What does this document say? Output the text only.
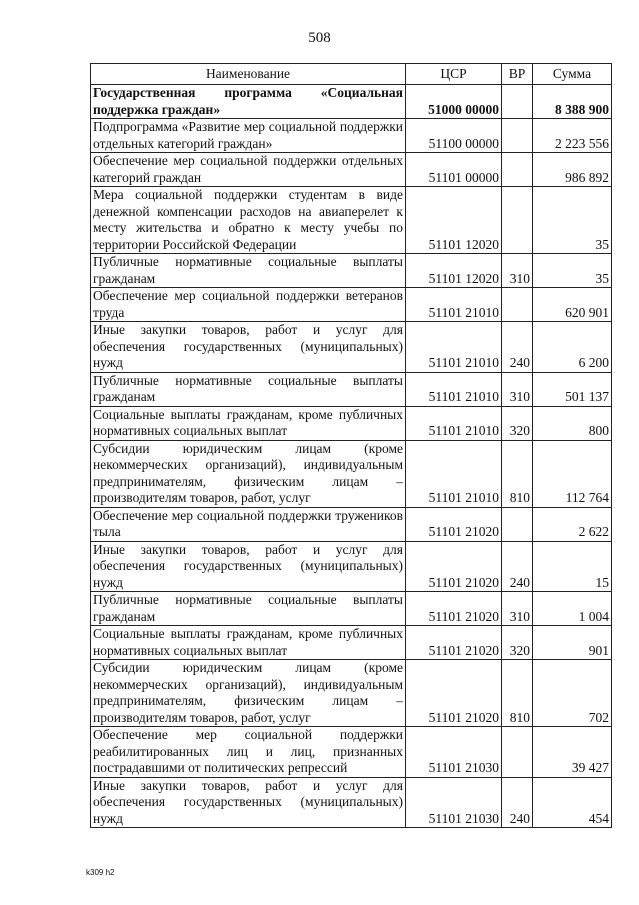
508
Наименование	ЦСР	ВР	Сумма
Государственная программа «Социальная поддержка граждан»	51000 00000		8 388 900
Подпрограмма «Развитие мер социальной поддержки отдельных категорий граждан»	51100 00000		2 223 556
Обеспечение мер социальной поддержки отдельных категорий граждан	51101 00000		986 892
Мера социальной поддержки студентам в виде денежной компенсации расходов на авиаперелет к месту жительства и обратно к месту учебы по территории Российской Федерации	51101 12020		35
Публичные нормативные социальные выплаты гражданам	51101 12020	310	35
Обеспечение мер социальной поддержки ветеранов труда	51101 21010		620 901
Иные закупки товаров, работ и услуг для обеспечения государственных (муниципальных) нужд	51101 21010	240	6 200
Публичные нормативные социальные выплаты гражданам	51101 21010	310	501 137
Социальные выплаты гражданам, кроме публичных нормативных социальных выплат	51101 21010	320	800
Субсидии юридическим лицам (кроме некоммерческих организаций), индивидуальным предпринимателям, физическим лицам – производителям товаров, работ, услуг	51101 21010	810	112 764
Обеспечение мер социальной поддержки тружеников тыла	51101 21020		2 622
Иные закупки товаров, работ и услуг для обеспечения государственных (муниципальных) нужд	51101 21020	240	15
Публичные нормативные социальные выплаты гражданам	51101 21020	310	1 004
Социальные выплаты гражданам, кроме публичных нормативных социальных выплат	51101 21020	320	901
Субсидии юридическим лицам (кроме некоммерческих организаций), индивидуальным предпринимателям, физическим лицам – производителям товаров, работ, услуг	51101 21020	810	702
Обеспечение мер социальной поддержки реабилитированных лиц и лиц, признанных пострадавшими от политических репрессий	51101 21030		39 427
Иные закупки товаров, работ и услуг для обеспечения государственных (муниципальных) нужд	51101 21030	240	454
k309 h2
